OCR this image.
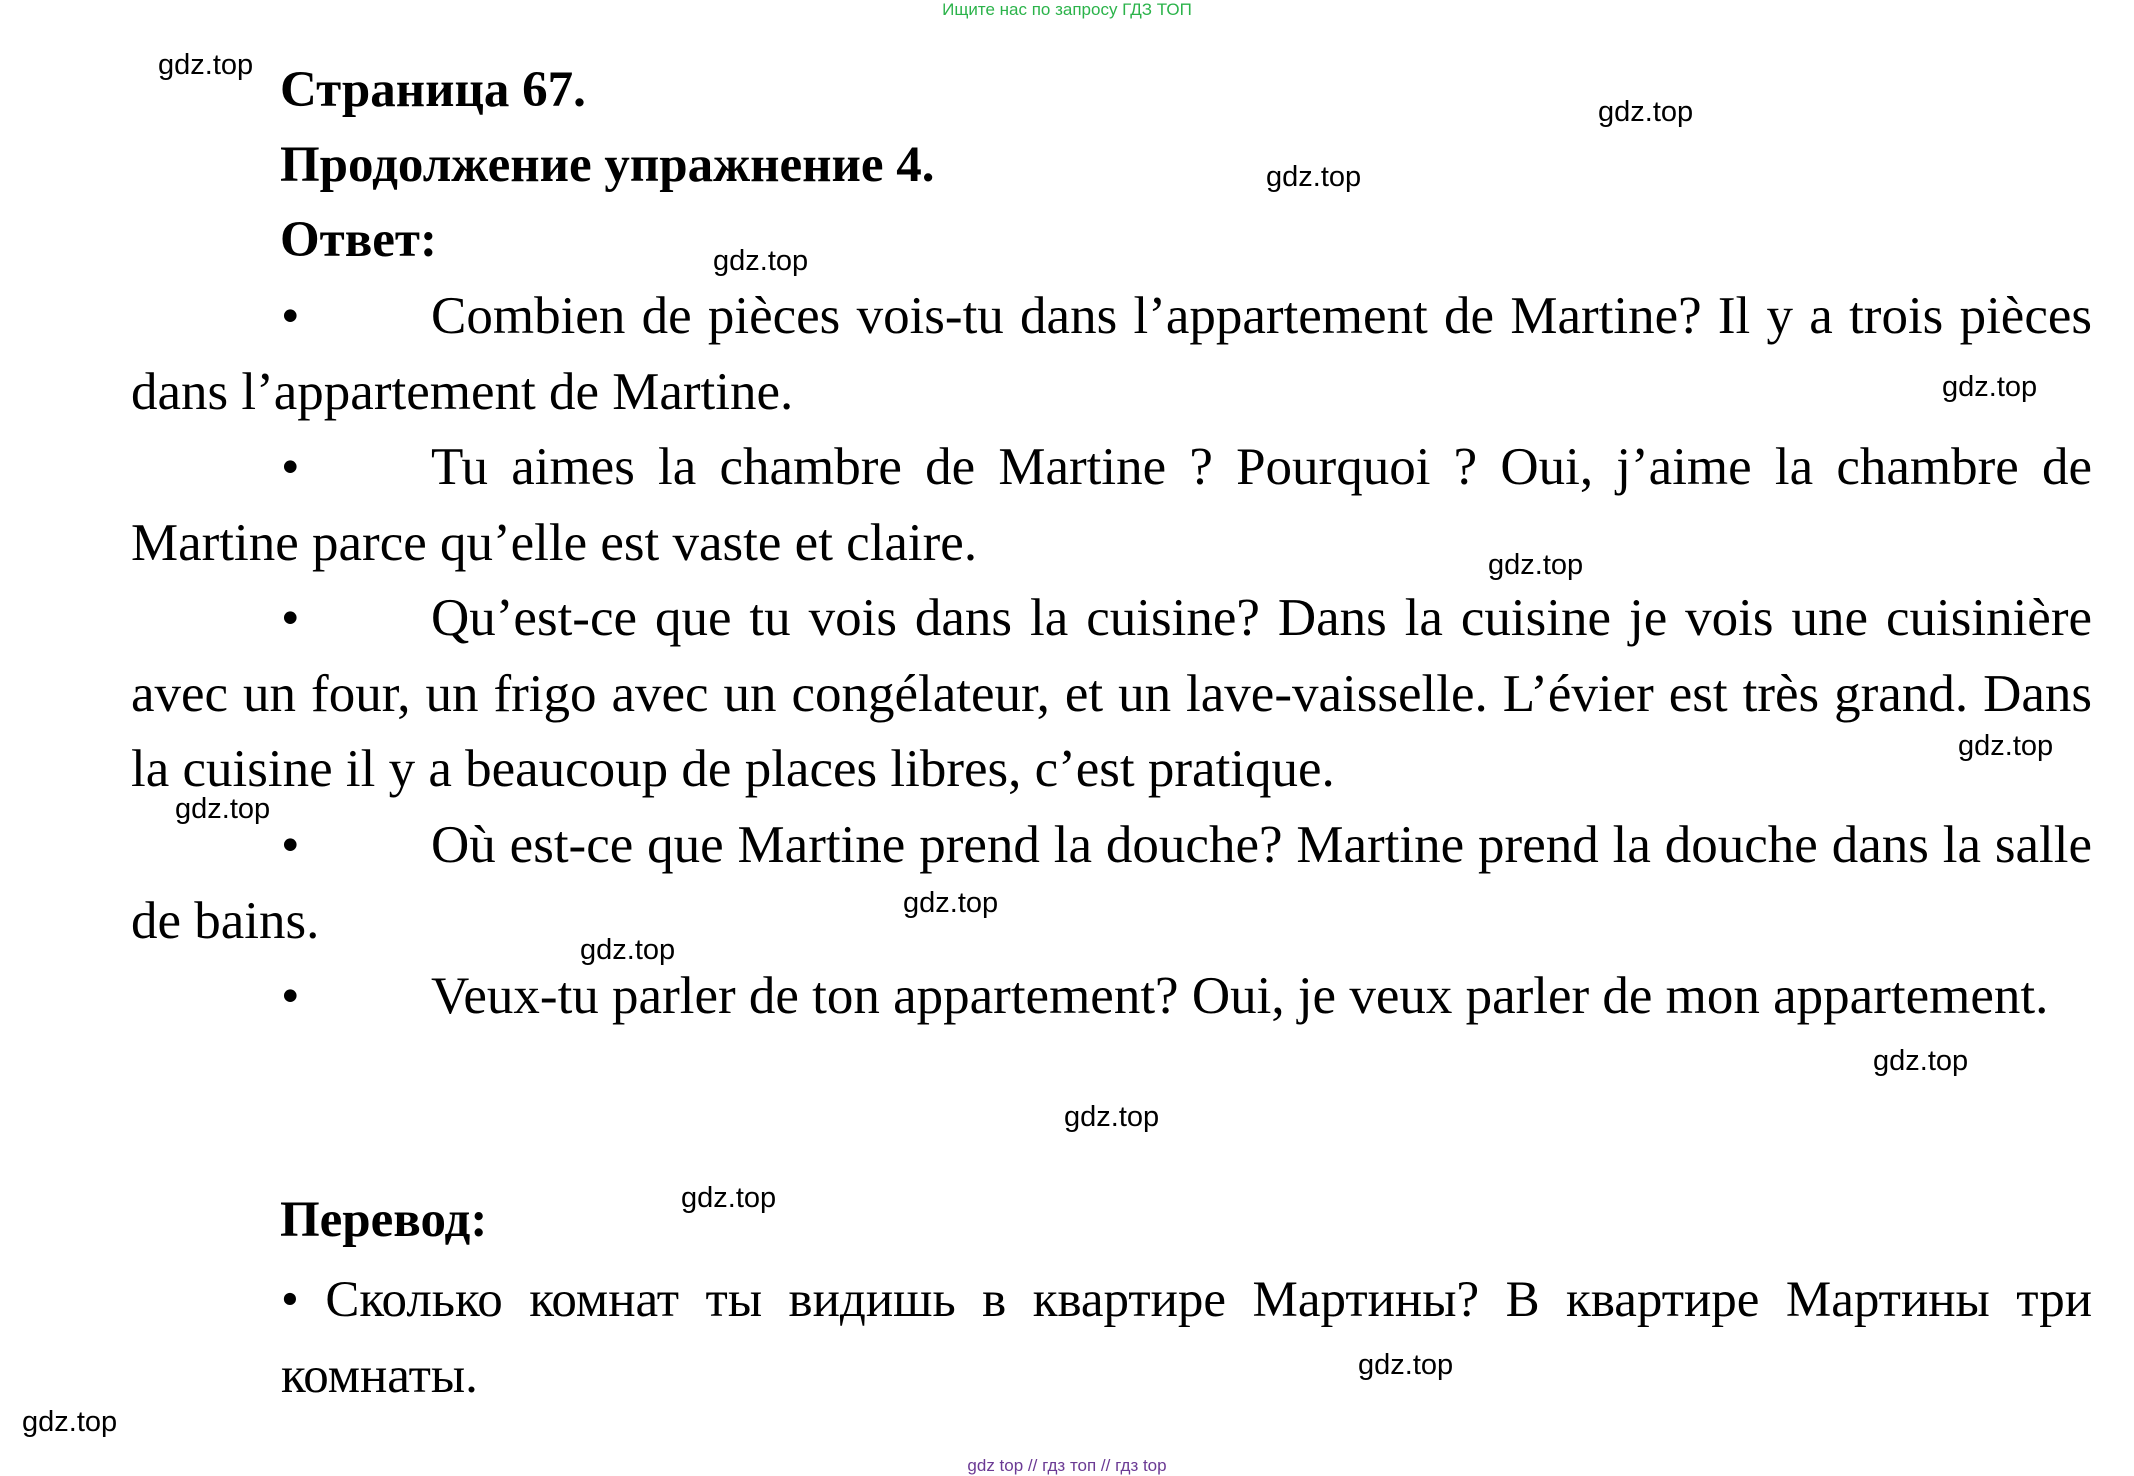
Ищите нас по запросу ГДЗ ТОП
Страница 67.
Продолжение упражнение 4.
Ответ:
• Combien de pièces vois-tu dans l’appartement de Martine? Il y a trois pièces dans l’appartement de Martine.
• Tu aimes la chambre de Martine ? Pourquoi ? Oui, j’aime la chambre de Martine parce qu’elle est vaste et claire.
• Qu’est-ce que tu vois dans la cuisine? Dans la cuisine je vois une cuisinière avec un four, un frigo avec un congélateur, et un lave-vaisselle. L’évier est très grand. Dans la cuisine il y a beaucoup de places libres, c’est pratique.
• Où est-ce que Martine prend la douche? Martine prend la douche dans la salle de bains.
• Veux-tu parler de ton appartement? Oui, je veux parler de mon appartement.
Перевод:
• Сколько комнат ты видишь в квартире Мартины? В квартире Мартины три комнаты.
gdz.top
gdz.top
gdz.top
gdz.top
gdz.top
gdz.top
gdz.top
gdz.top
gdz.top
gdz.top
gdz.top
gdz.top
gdz.top
gdz.top
gdz.top
gdz top // гдз топ // гдз top
